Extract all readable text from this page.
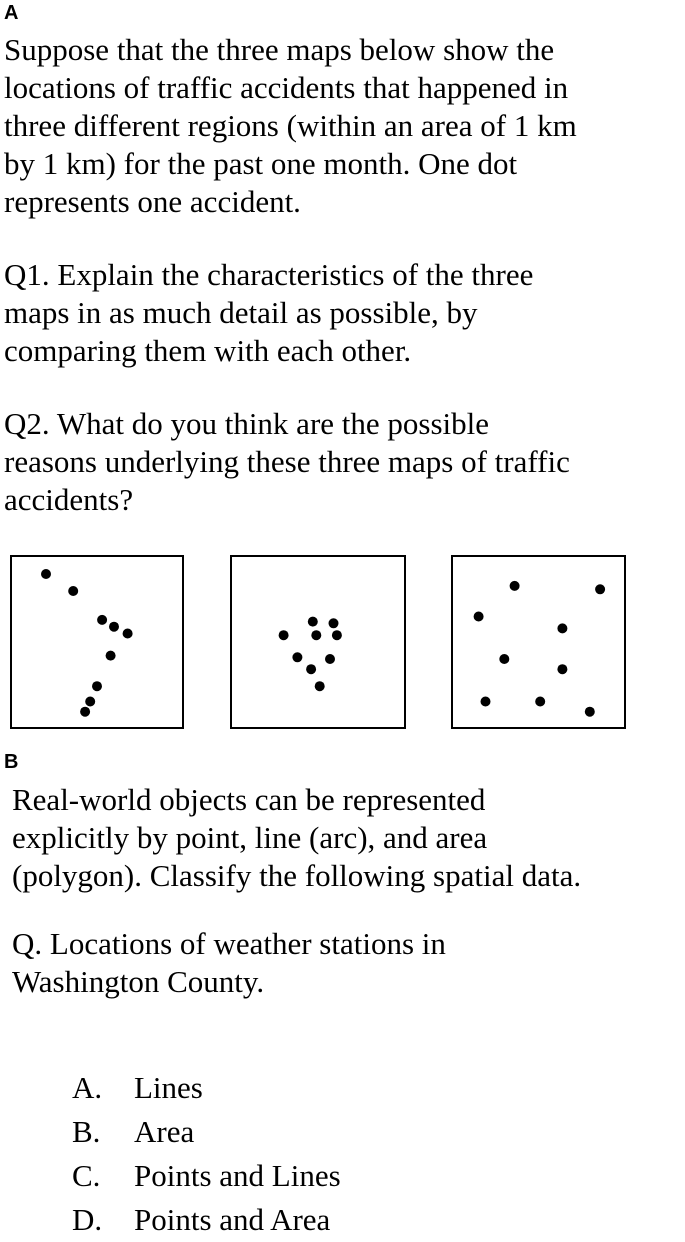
A

Suppose that the three maps below show the
locations of traffic accidents that happened in
three different regions (within an area of 1 km
by 1 km) for the past one month. One dot
represents one accident.

Q1. Explain the characteristics of the three
maps in as much detail as possible, by
comparing them with each other.

Q2. What do you think are the possible
reasons underlying these three maps of traffic
accidents?

B

Real-world objects can be represented
explicitly by point, line (arc), and area
(polygon). Classify the following spatial data.

Q. Locations of weather stations in
Washington County.

A.	Lines
B.	Area
C.	Points and Lines
D.	Points and Area
